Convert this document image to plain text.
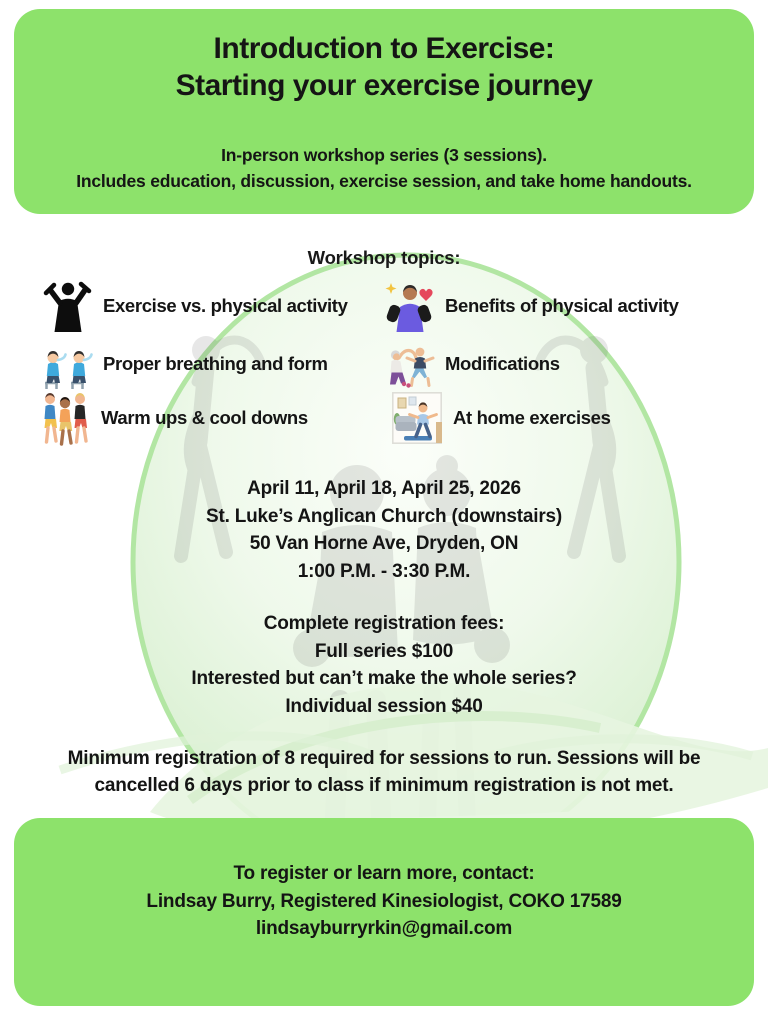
Introduction to Exercise:
Starting your exercise journey
In-person workshop series (3 sessions).
Includes education, discussion, exercise session, and take home handouts.
Workshop topics:
Exercise vs. physical activity
Proper breathing and form
Warm ups & cool downs
Benefits of physical activity
Modifications
At home exercises
April 11, April 18, April 25, 2026
St. Luke’s Anglican Church (downstairs)
50 Van Horne Ave, Dryden, ON
1:00 P.M. - 3:30 P.M.
Complete registration fees:
Full series $100
Interested but can’t make the whole series?
Individual session $40
Minimum registration of 8 required for sessions to run. Sessions will be
cancelled 6 days prior to class if minimum registration is not met.
To register or learn more, contact:
Lindsay Burry, Registered Kinesiologist, COKO 17589
lindsayburryrkin@gmail.com
